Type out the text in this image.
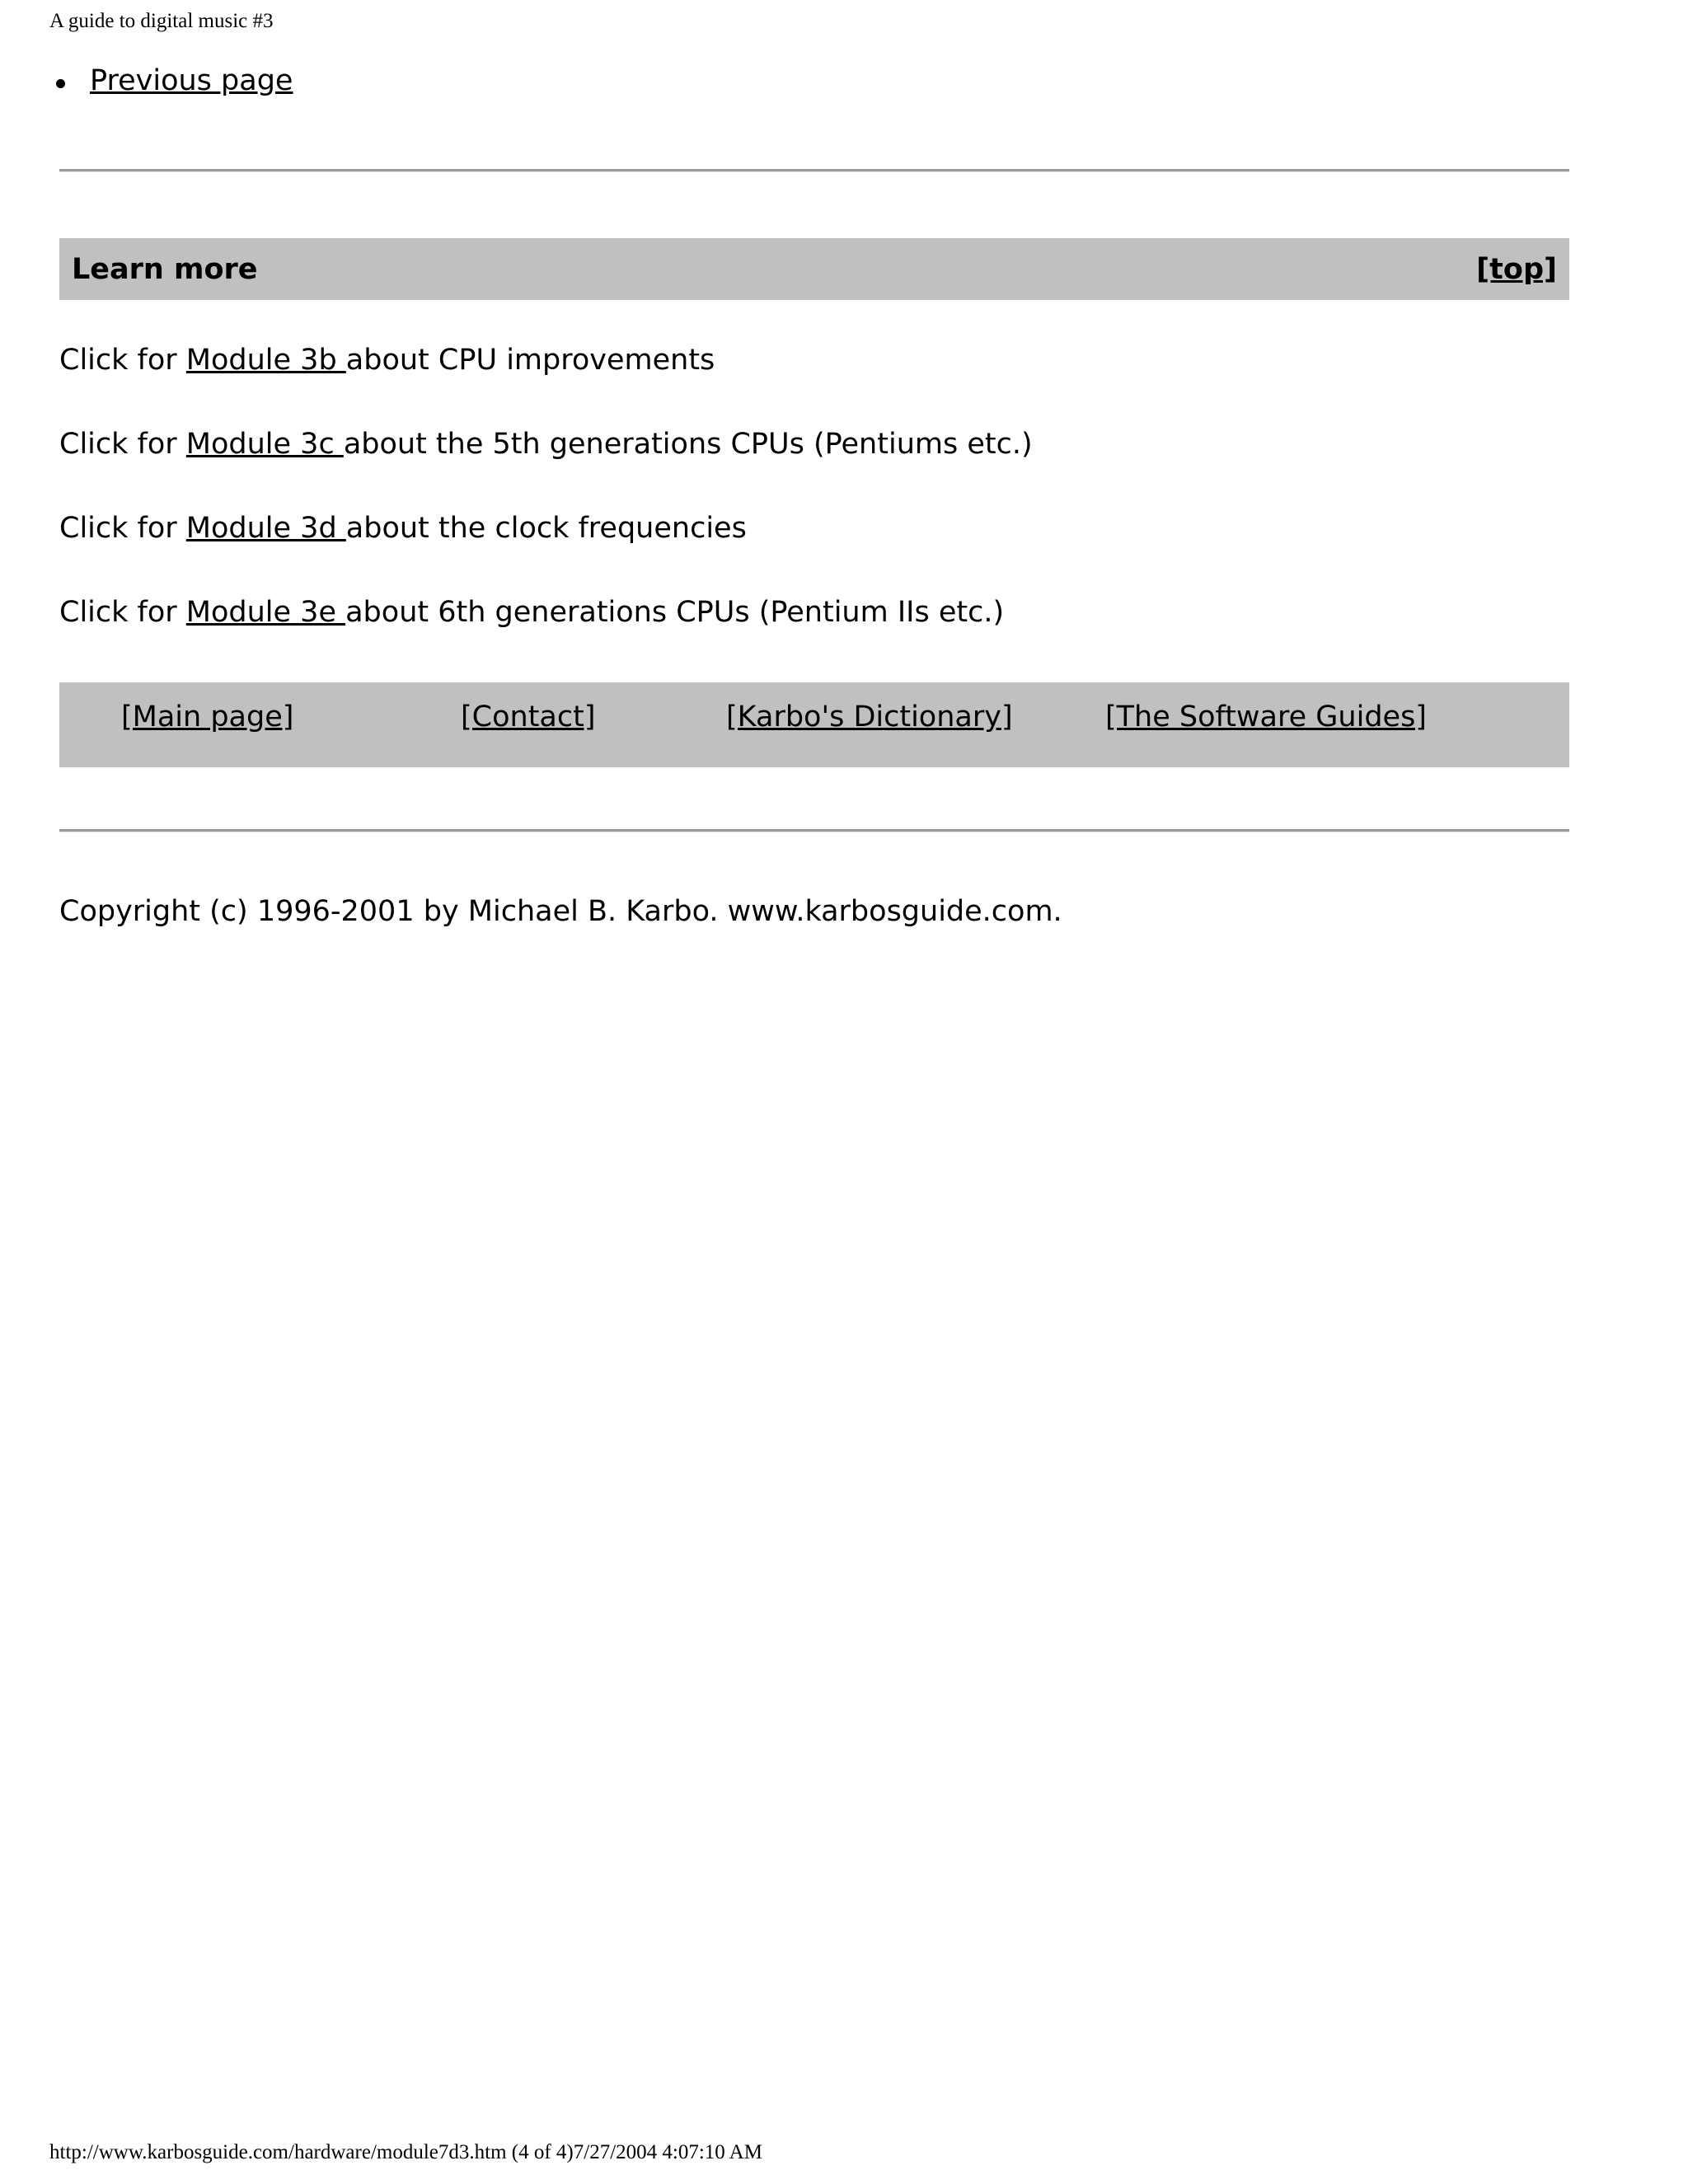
A guide to digital music #3
Previous page
Learn more	[top]
Click for Module 3b about CPU improvements
Click for Module 3c about the 5th generations CPUs (Pentiums etc.)
Click for Module 3d about the clock frequencies
Click for Module 3e about 6th generations CPUs (Pentium IIs etc.)
[Main page]	[Contact]	[Karbo's Dictionary]	[The Software Guides]
Copyright (c) 1996-2001 by Michael B. Karbo. www.karbosguide.com.
http://www.karbosguide.com/hardware/module7d3.htm (4 of 4)7/27/2004 4:07:10 AM
